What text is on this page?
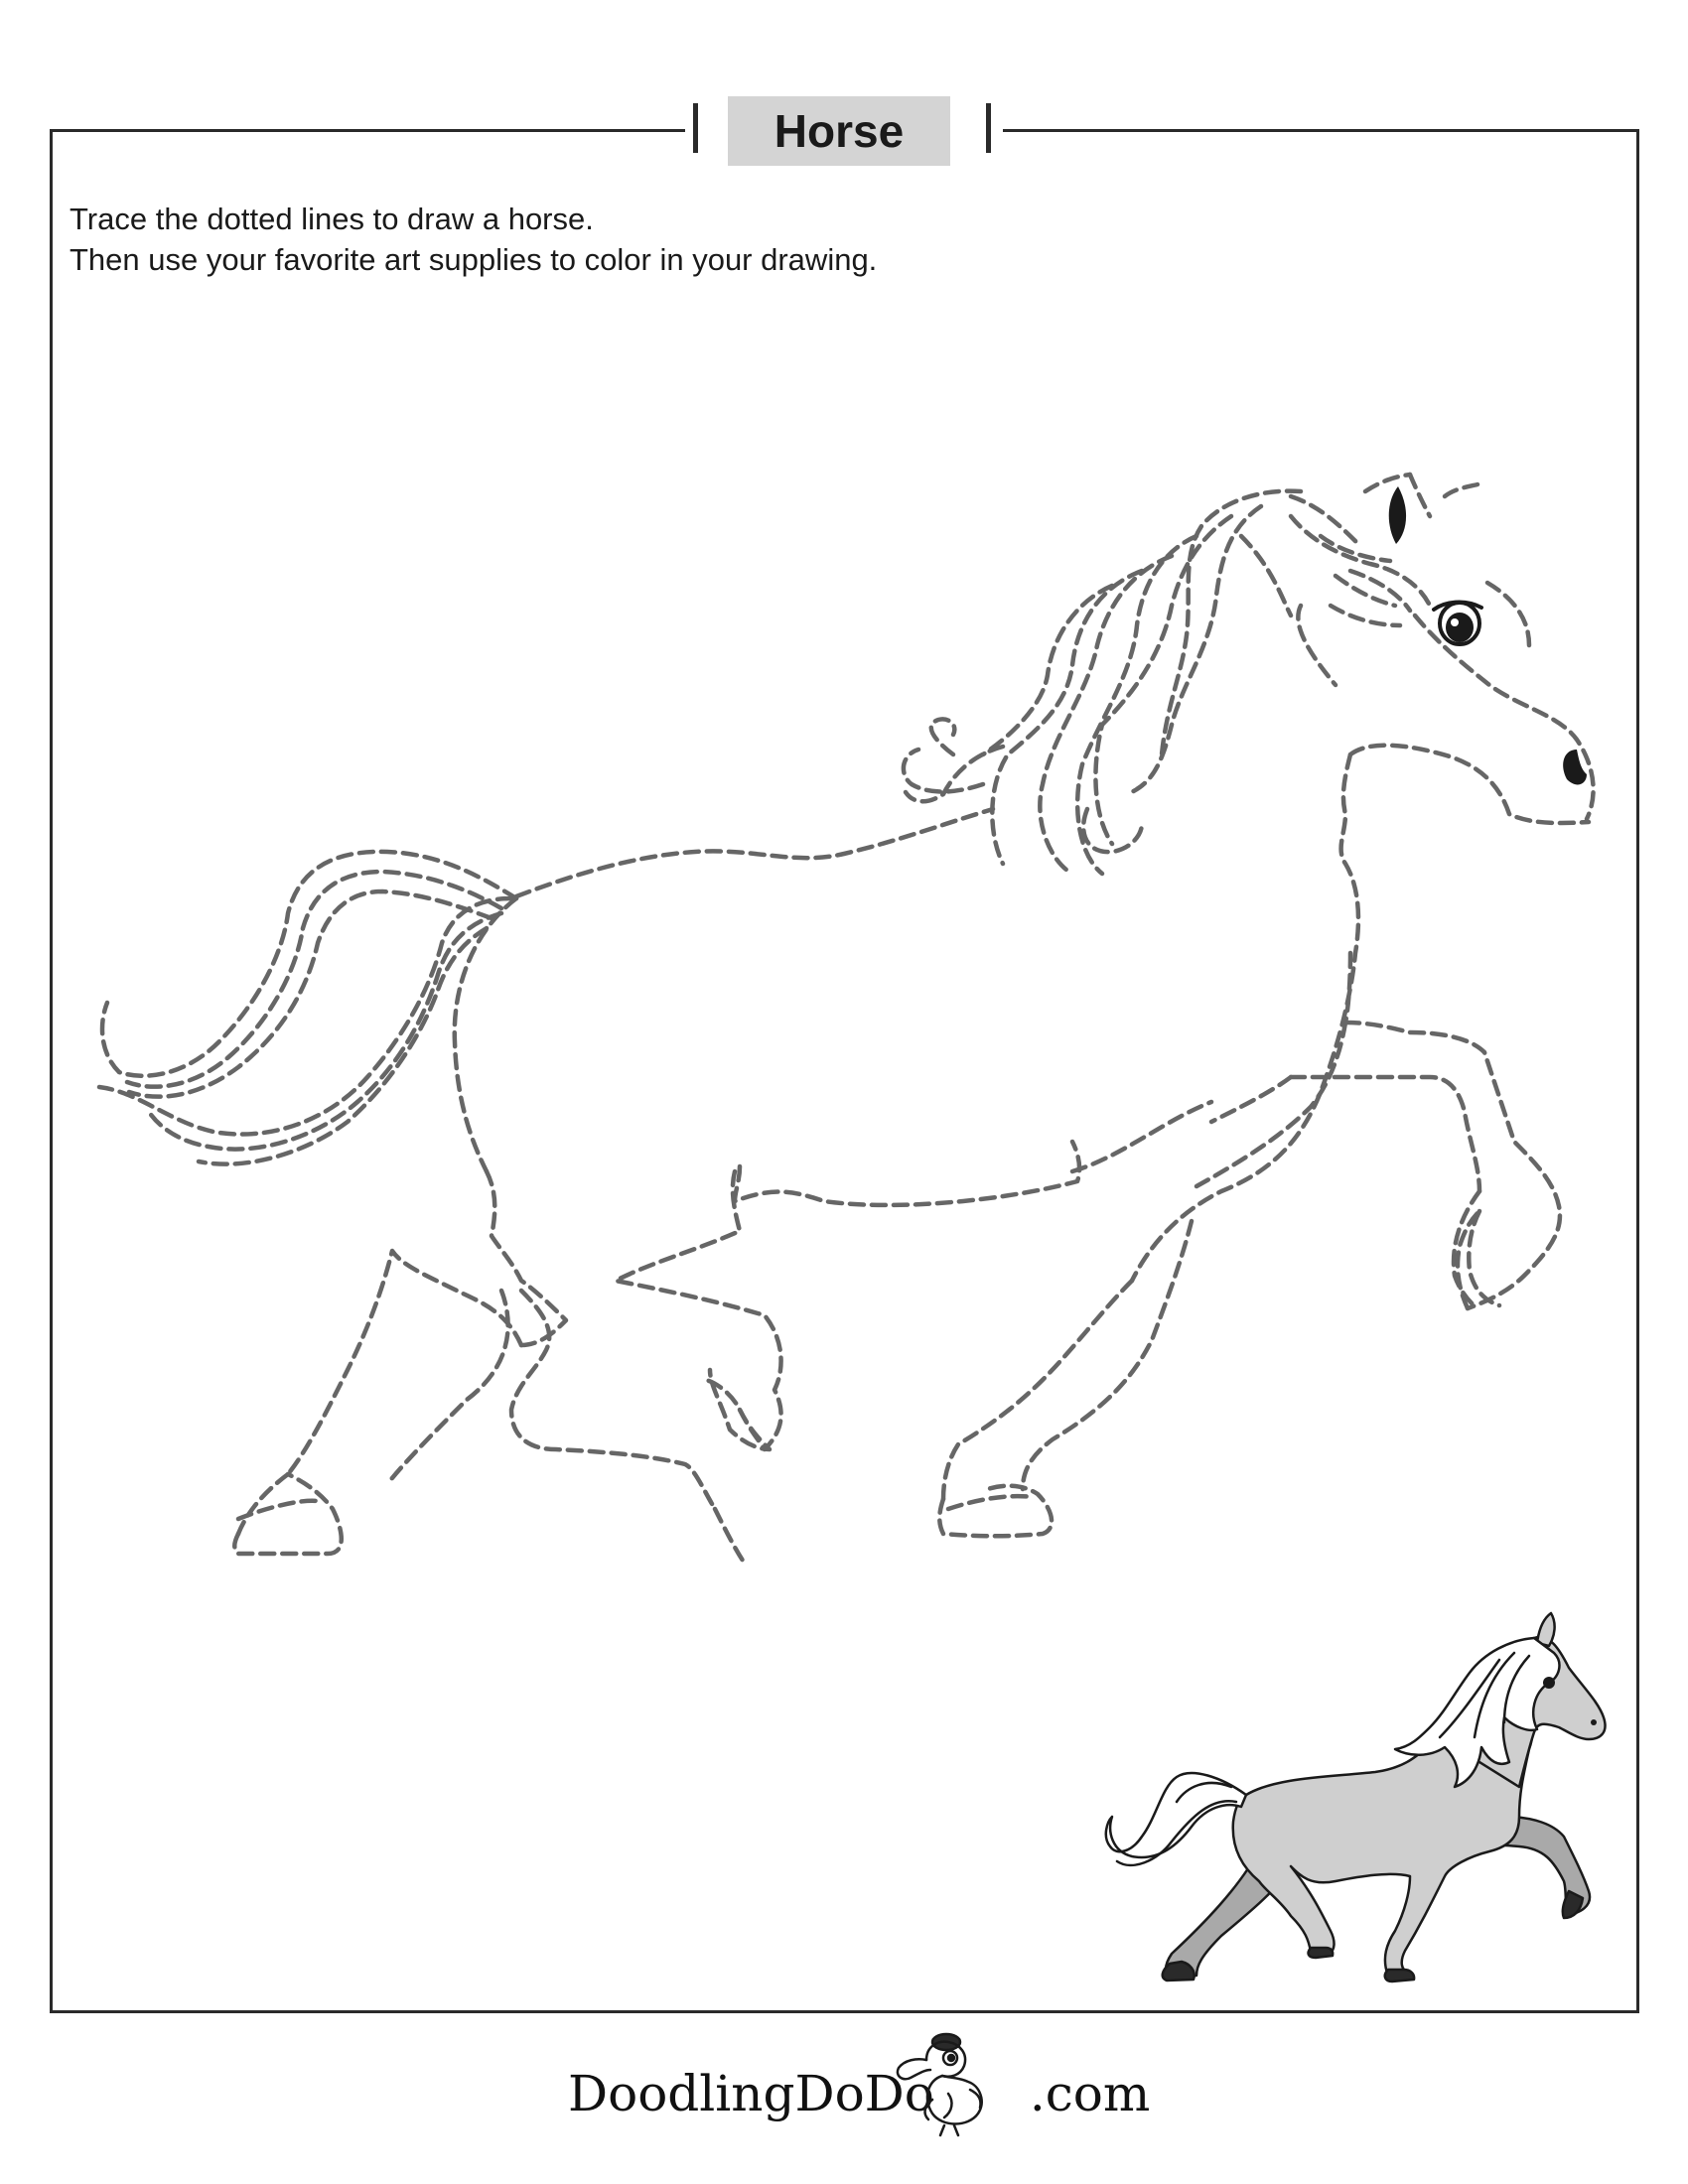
Horse
Trace the dotted lines to draw a horse.
Then use your favorite art supplies to color in your drawing.
DoodlingDoDo .com
